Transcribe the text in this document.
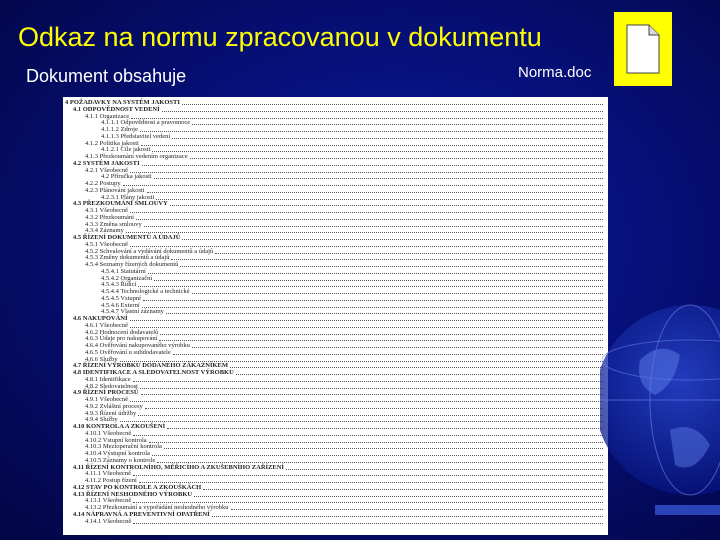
Odkaz na normu zpracovanou v dokumentu
Dokument obsahuje	Norma.doc
4 POŽADAVKY NA SYSTÉM JAKOSTI
4.1 ODPOVĚDNOST VEDENÍ
4.1.1 Organizace
4.1.1.1 Odpovědnost a pravomoce
4.1.1.2 Zdroje
4.1.1.3 Představitel vedení
4.1.2 Politika jakosti
4.1.2.1 Cíle jakosti
4.1.3 Přezkoumání vedením organizace
4.2 SYSTÉM JAKOSTI
4.2.1 Všeobecně
4.2 Příručka jakosti
4.2.2 Postupy
4.2.3 Plánování jakosti
4.2.3.1 Plány jakosti
4.3 PŘEZKOUMÁNÍ SMLOUVY
4.3.1 Všeobecně
4.3.2 Přezkoumání
4.3.3 Změna smlouvy
4.3.4 Záznamy
4.5 ŘÍZENÍ DOKUMENTŮ A ÚDAJŮ
4.5.1 Všeobecně
4.5.2 Schvalování a vydávání dokumentů a údajů
4.5.3 Změny dokumentů a údajů
4.5.4 Seznamy řízených dokumentů
4.5.4.1 Statutární
4.5.4.2 Organizační
4.5.4.3 Řídicí
4.5.4.4 Technologické a technické
4.5.4.5 Vstupní
4.5.4.6 Externí
4.5.4.7 Vlastní záznamy
4.6 NAKUPOVÁNÍ
4.6.1 Všeobecně
4.6.2 Hodnocení dodavatelů
4.6.3 Údaje pro nakupování
4.6.4 Ověřování nakupovaného výrobku
4.6.5 Ověřování u subdodavatele
4.6.6 Služby
4.7 ŘÍZENÍ VÝROBKU DODANÉHO ZÁKAZNÍKEM
4.8 IDENTIFIKACE A SLEDOVATELNOST VÝROBKU
4.8.1 Identifikace
4.8.2 Sledovatelnost
4.9 ŘÍZENÍ PROCESŮ
4.9.1 Všeobecně
4.9.2 Zvláštní procesy
4.9.3 Řízení údržby
4.9.4 Služby
4.10 KONTROLA A ZKOUŠENÍ
4.10.1 Všeobecně
4.10.2 Vstupní kontrola
4.10.3 Mezioperační kontrola
4.10.4 Výstupní kontrola
4.10.5 Záznamy o kontrole
4.11 ŘÍZENÍ KONTROLNÍHO, MĚŘICÍHO A ZKUŠEBNÍHO ZAŘÍZENÍ
4.11.1 Všeobecně
4.11.2 Postup řízení
4.12 STAV PO KONTROLE A ZKOUŠKÁCH
4.13 ŘÍZENÍ NESHODNÉHO VÝROBKU
4.13.1 Všeobecně
4.13.2 Přezkoumání a vypořádání neshodného výrobku
4.14 NÁPRAVNÁ A PREVENTIVNÍ OPATŘENÍ
4.14.1 Všeobecně
